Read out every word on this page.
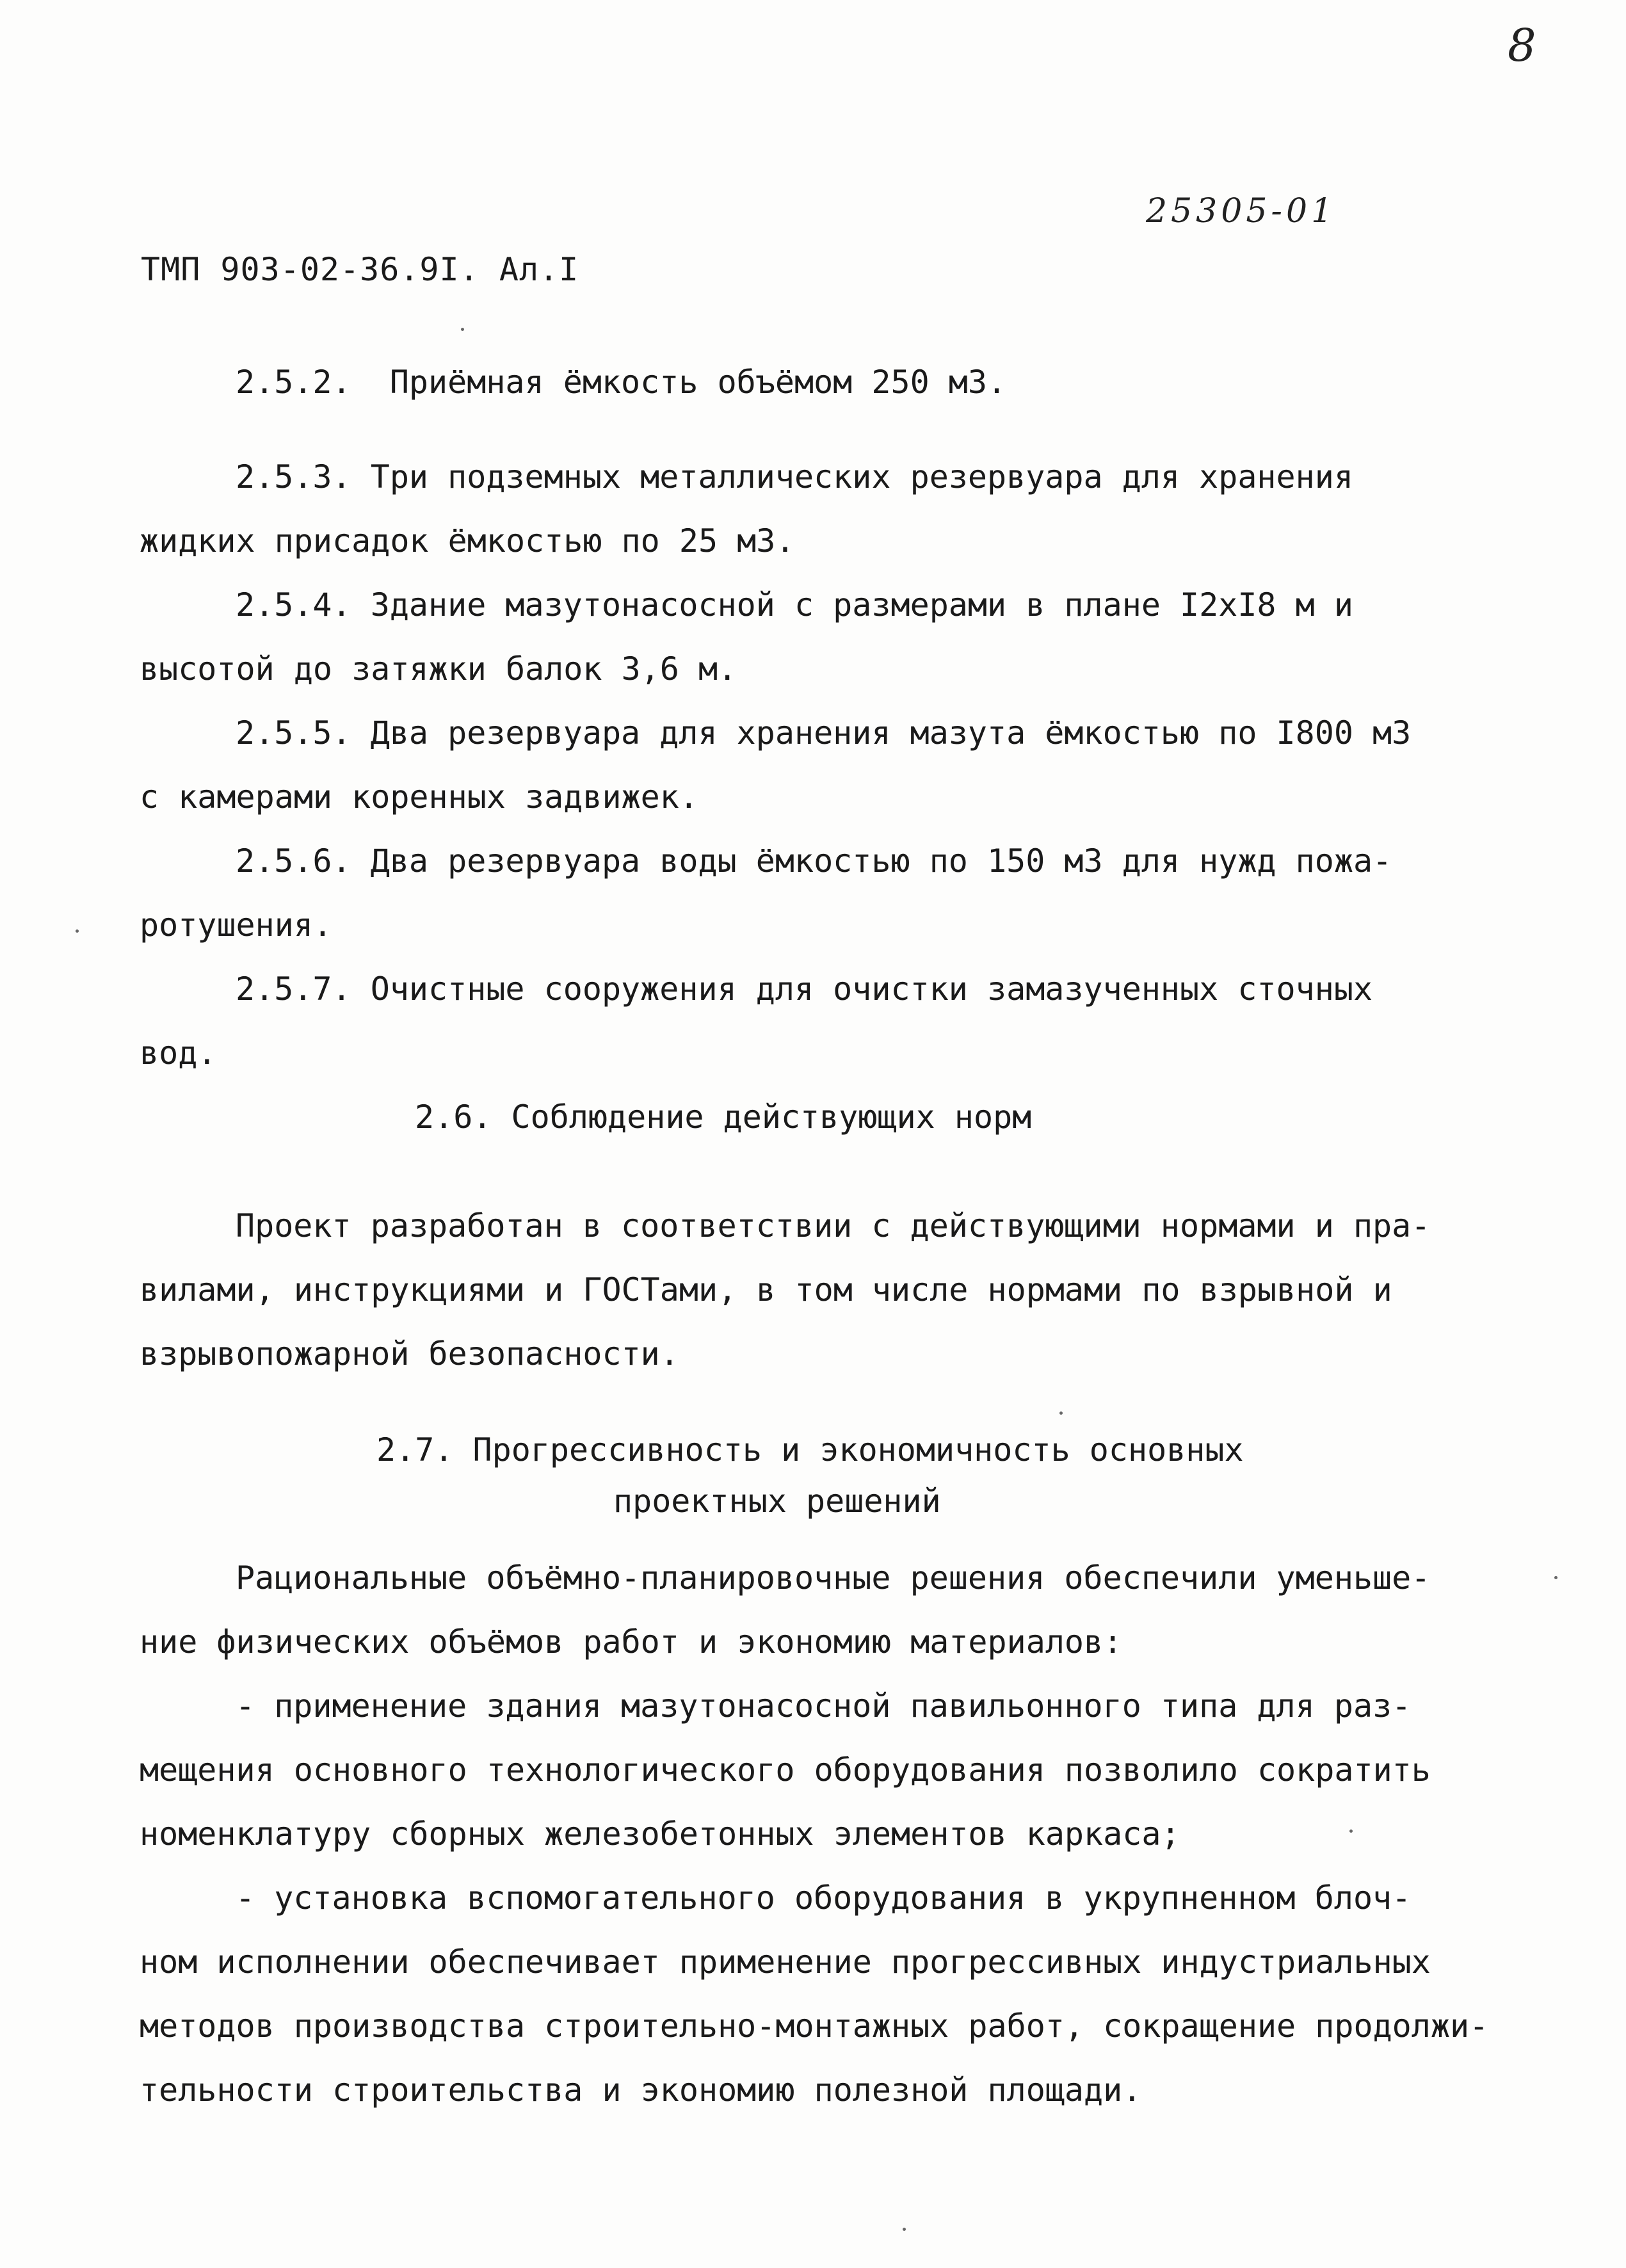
8
25305-01
ТМП 903-02-36.9I. Ал.I
2.5.2.  Приёмная ёмкость объёмом 250 м3.
2.5.3. Три подземных металлических резервуара для хранения
жидких присадок ёмкостью по 25 м3.
2.5.4. Здание мазутонасосной с размерами в плане I2xI8 м и
высотой до затяжки балок 3,6 м.
2.5.5. Два резервуара для хранения мазута ёмкостью по I800 м3
с камерами коренных задвижек.
2.5.6. Два резервуара воды ёмкостью по 150 м3 для нужд пожа-
ротушения.
2.5.7. Очистные сооружения для очистки замазученных сточных
вод.
2.6. Соблюдение действующих норм
Проект разработан в соответствии с действующими нормами и пра-
вилами, инструкциями и ГОСТами, в том числе нормами по взрывной и
взрывопожарной безопасности.
2.7. Прогрессивность и экономичность основных
проектных решений
Рациональные объёмно-планировочные решения обеспечили уменьше-
ние физических объёмов работ и экономию материалов:
- применение здания мазутонасосной павильонного типа для раз-
мещения основного технологического оборудования позволило сократить
номенклатуру сборных железобетонных элементов каркаса;
- установка вспомогательного оборудования в укрупненном блоч-
ном исполнении обеспечивает применение прогрессивных индустриальных
методов производства строительно-монтажных работ, сокращение продолжи-
тельности строительства и экономию полезной площади.
